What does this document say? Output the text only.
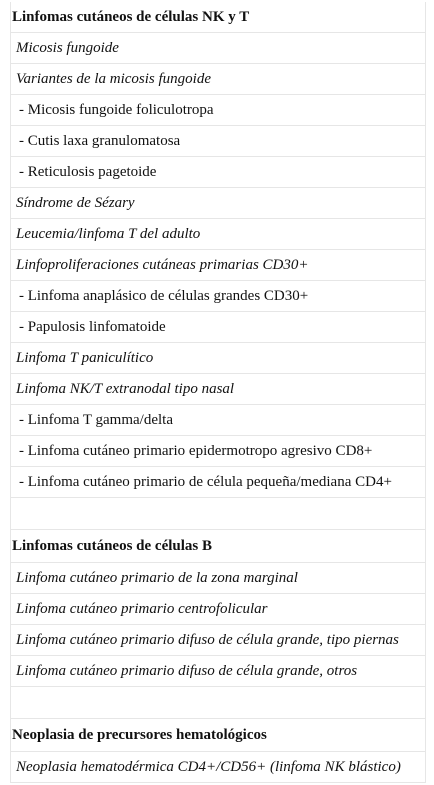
Linfomas cutáneos de células NK y T
Micosis fungoide
Variantes de la micosis fungoide
- Micosis fungoide foliculotropa
- Cutis laxa granulomatosa
- Reticulosis pagetoide
Síndrome de Sézary
Leucemia/linfoma T del adulto
Linfoproliferaciones cutáneas primarias CD30+
- Linfoma anaplásico de células grandes CD30+
- Papulosis linfomatoide
Linfoma T paniculítico
Linfoma NK/T extranodal tipo nasal
- Linfoma T gamma/delta
- Linfoma cutáneo primario epidermotropo agresivo CD8+
- Linfoma cutáneo primario de célula pequeña/mediana CD4+
Linfomas cutáneos de células B
Linfoma cutáneo primario de la zona marginal
Linfoma cutáneo primario centrofolicular
Linfoma cutáneo primario difuso de célula grande, tipo piernas
Linfoma cutáneo primario difuso de célula grande, otros
Neoplasia de precursores hematológicos
Neoplasia hematodérmica CD4+/CD56+ (linfoma NK blástico)
